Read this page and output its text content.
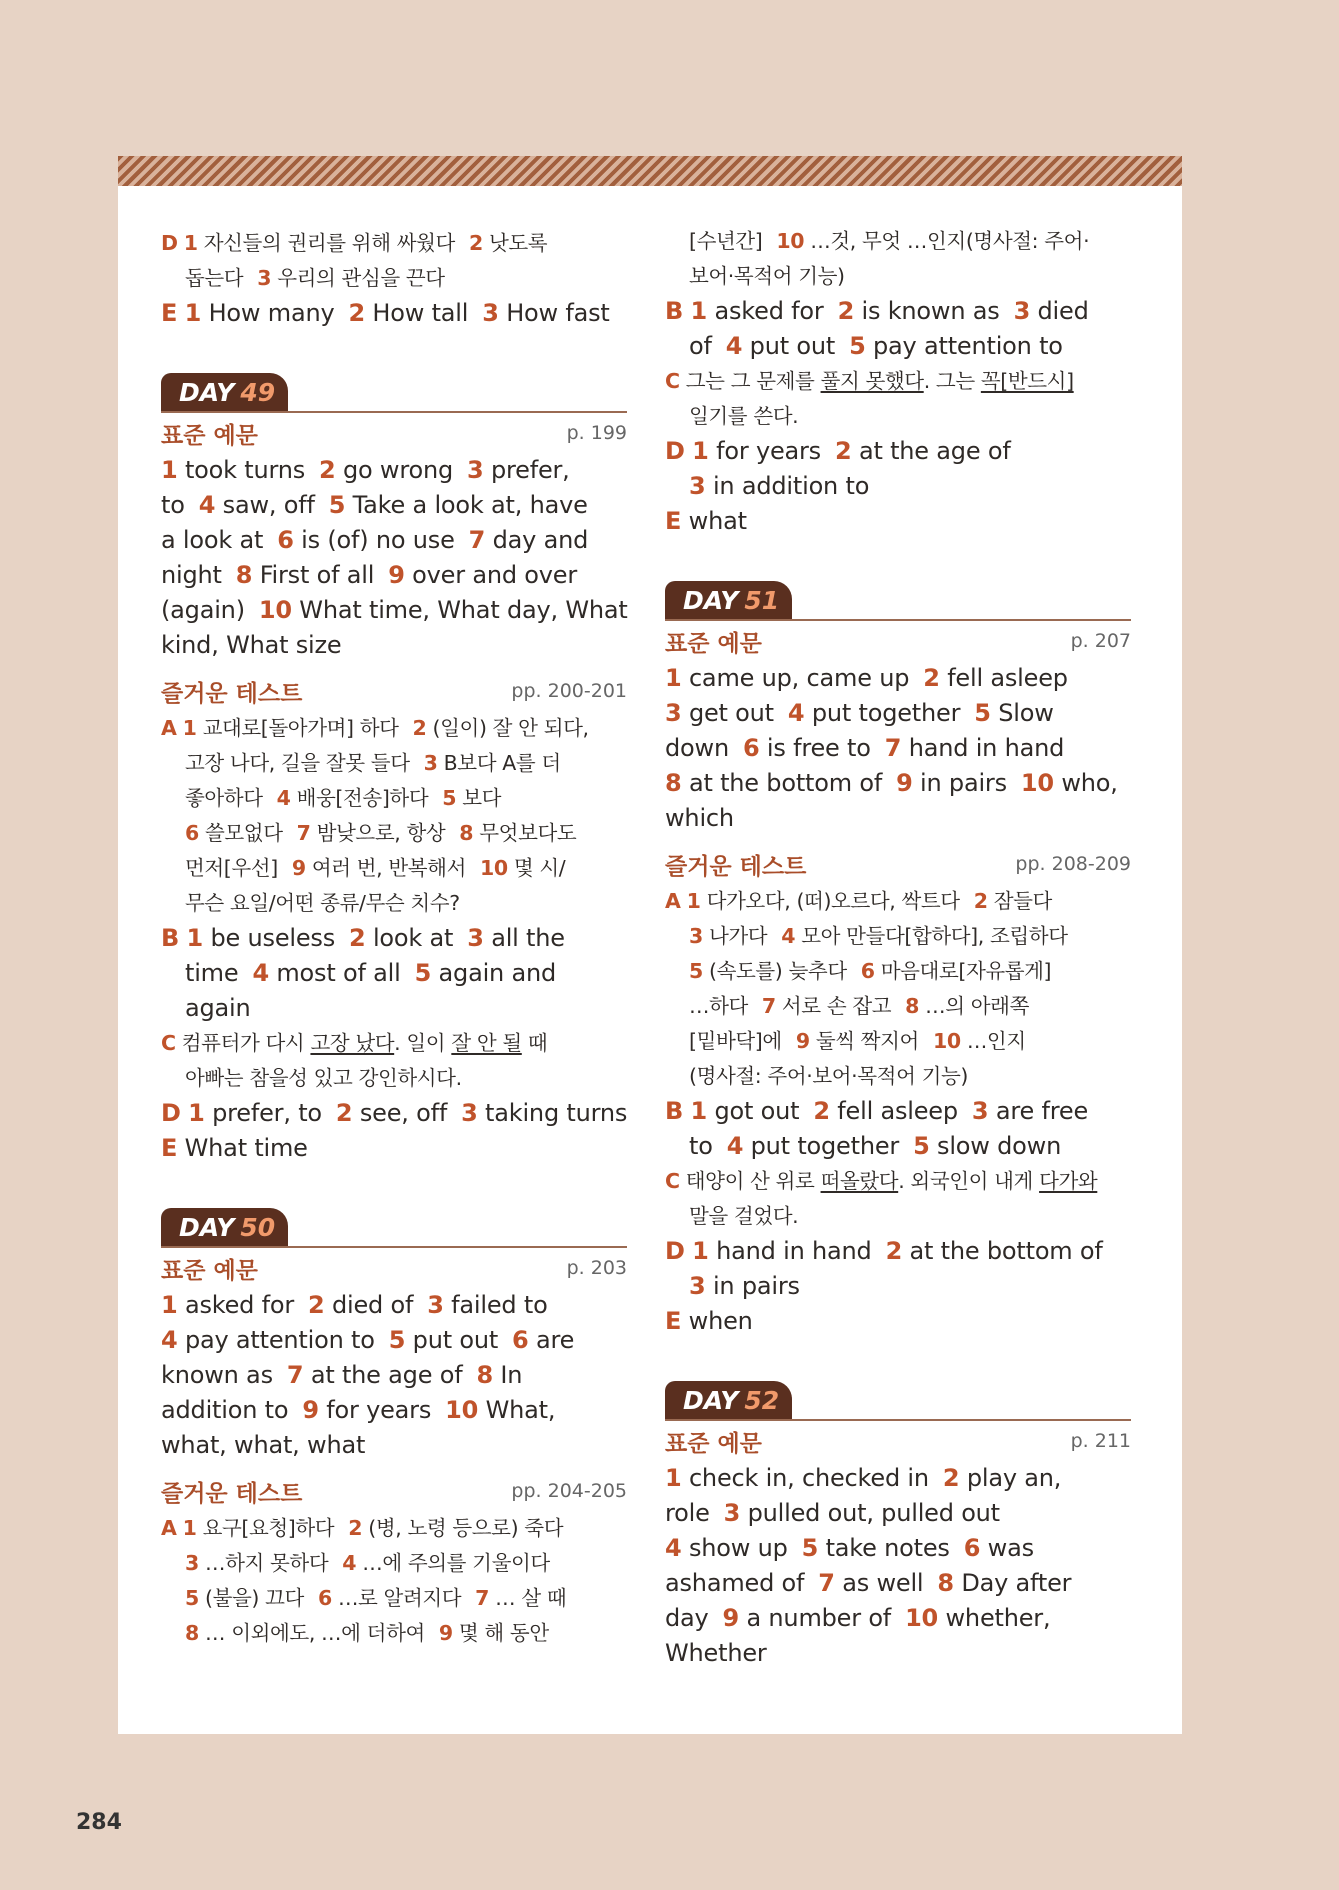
D 1 자신들의 권리를 위해 싸웠다 2 낫도록
돕는다 3 우리의 관심을 끈다
E 1 How many 2 How tall 3 How fast
DAY 49
표준 예문	p. 199
1 took turns 2 go wrong 3 prefer,
to 4 saw, off 5 Take a look at, have
a look at 6 is (of) no use 7 day and
night 8 First of all 9 over and over
(again) 10 What time, What day, What
kind, What size
즐거운 테스트	pp. 200-201
A 1 교대로[돌아가며] 하다 2 (일이) 잘 안 되다,
고장 나다, 길을 잘못 들다 3 B보다 A를 더
좋아하다 4 배웅[전송]하다 5 보다
6 쓸모없다 7 밤낮으로, 항상 8 무엇보다도
먼저[우선] 9 여러 번, 반복해서 10 몇 시/
무슨 요일/어떤 종류/무슨 치수?
B 1 be useless 2 look at 3 all the
time 4 most of all 5 again and
again
C 컴퓨터가 다시 고장 났다. 일이 잘 안 될 때
아빠는 참을성 있고 강인하시다.
D 1 prefer, to 2 see, off 3 taking turns
E What time
DAY 50
표준 예문	p. 203
1 asked for 2 died of 3 failed to
4 pay attention to 5 put out 6 are
known as 7 at the age of 8 In
addition to 9 for years 10 What,
what, what, what
즐거운 테스트	pp. 204-205
A 1 요구[요청]하다 2 (병, 노령 등으로) 죽다
3 …하지 못하다 4 …에 주의를 기울이다
5 (불을) 끄다 6 …로 알려지다 7 … 살 때
8 … 이외에도, …에 더하여 9 몇 해 동안
[수년간] 10 …것, 무엇 …인지(명사절: 주어·
보어·목적어 기능)
B 1 asked for 2 is known as 3 died
of 4 put out 5 pay attention to
C 그는 그 문제를 풀지 못했다. 그는 꼭[반드시]
일기를 쓴다.
D 1 for years 2 at the age of
3 in addition to
E what
DAY 51
표준 예문	p. 207
1 came up, came up 2 fell asleep
3 get out 4 put together 5 Slow
down 6 is free to 7 hand in hand
8 at the bottom of 9 in pairs 10 who,
which
즐거운 테스트	pp. 208-209
A 1 다가오다, (떠)오르다, 싹트다 2 잠들다
3 나가다 4 모아 만들다[합하다], 조립하다
5 (속도를) 늦추다 6 마음대로[자유롭게]
…하다 7 서로 손 잡고 8 …의 아래쪽
[밑바닥]에 9 둘씩 짝지어 10 …인지
(명사절: 주어·보어·목적어 기능)
B 1 got out 2 fell asleep 3 are free
to 4 put together 5 slow down
C 태양이 산 위로 떠올랐다. 외국인이 내게 다가와
말을 걸었다.
D 1 hand in hand 2 at the bottom of
3 in pairs
E when
DAY 52
표준 예문	p. 211
1 check in, checked in 2 play an,
role 3 pulled out, pulled out
4 show up 5 take notes 6 was
ashamed of 7 as well 8 Day after
day 9 a number of 10 whether,
Whether
284
